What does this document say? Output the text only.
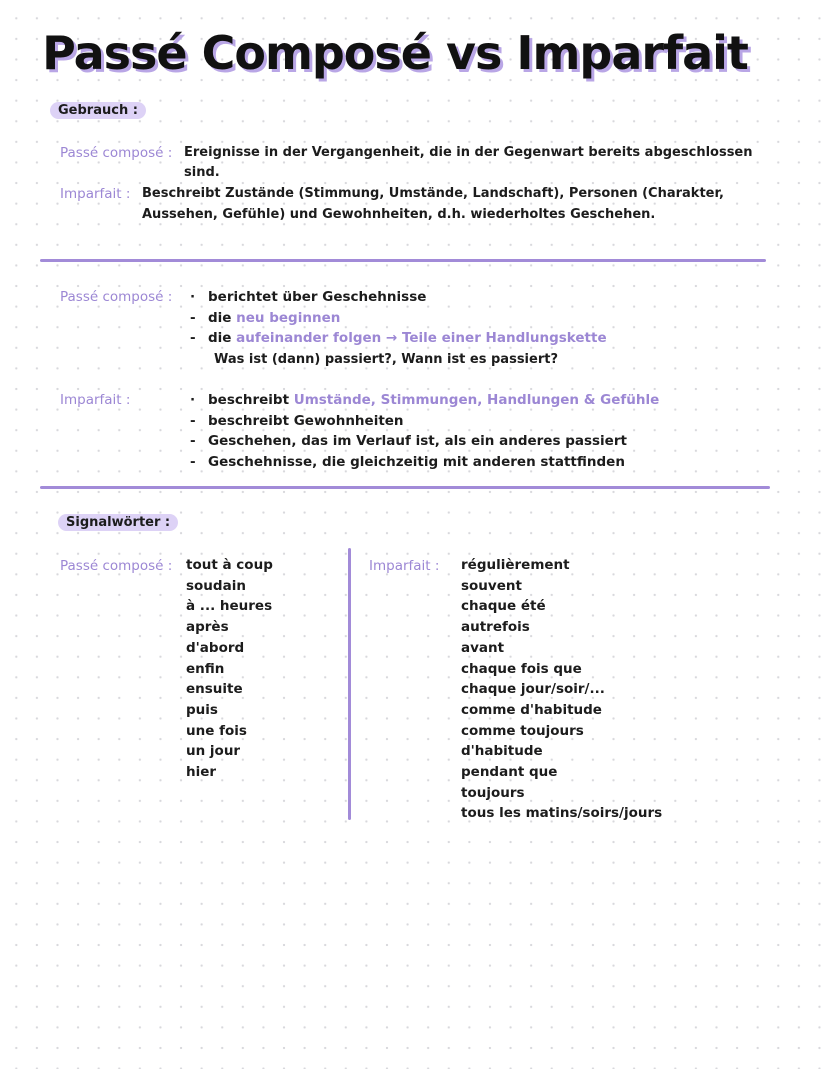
Passé Composé vs Imparfait
Gebrauch :
Passé composé : Ereignisse in der Vergangenheit, die in der Gegenwart bereits abgeschlossen
sind.
Imparfait : Beschreibt Zustände (Stimmung, Umstände, Landschaft), Personen (Charakter,
Aussehen, Gefühle) und Gewohnheiten, d.h. wiederholtes Geschehen.
Passé composé : · berichtet über Geschehnisse
- die neu beginnen
- die aufeinander folgen → Teile einer Handlungskette
Was ist (dann) passiert?, Wann ist es passiert?
Imparfait :	· beschreibt Umstände, Stimmungen, Handlungen & Gefühle
- beschreibt Gewohnheiten
- Geschehen, das im Verlauf ist, als ein anderes passiert
- Geschehnisse, die gleichzeitig mit anderen stattfinden
Signalwörter :
Passé composé : tout à coup
soudain
à ... heures
après
d'abord
enfin
ensuite
puis
une fois
un jour
hier
Imparfait : régulièrement
souvent
chaque été
autrefois
avant
chaque fois que
chaque jour/soir/...
comme d'habitude
comme toujours
d'habitude
pendant que
toujours
tous les matins/soirs/jours
